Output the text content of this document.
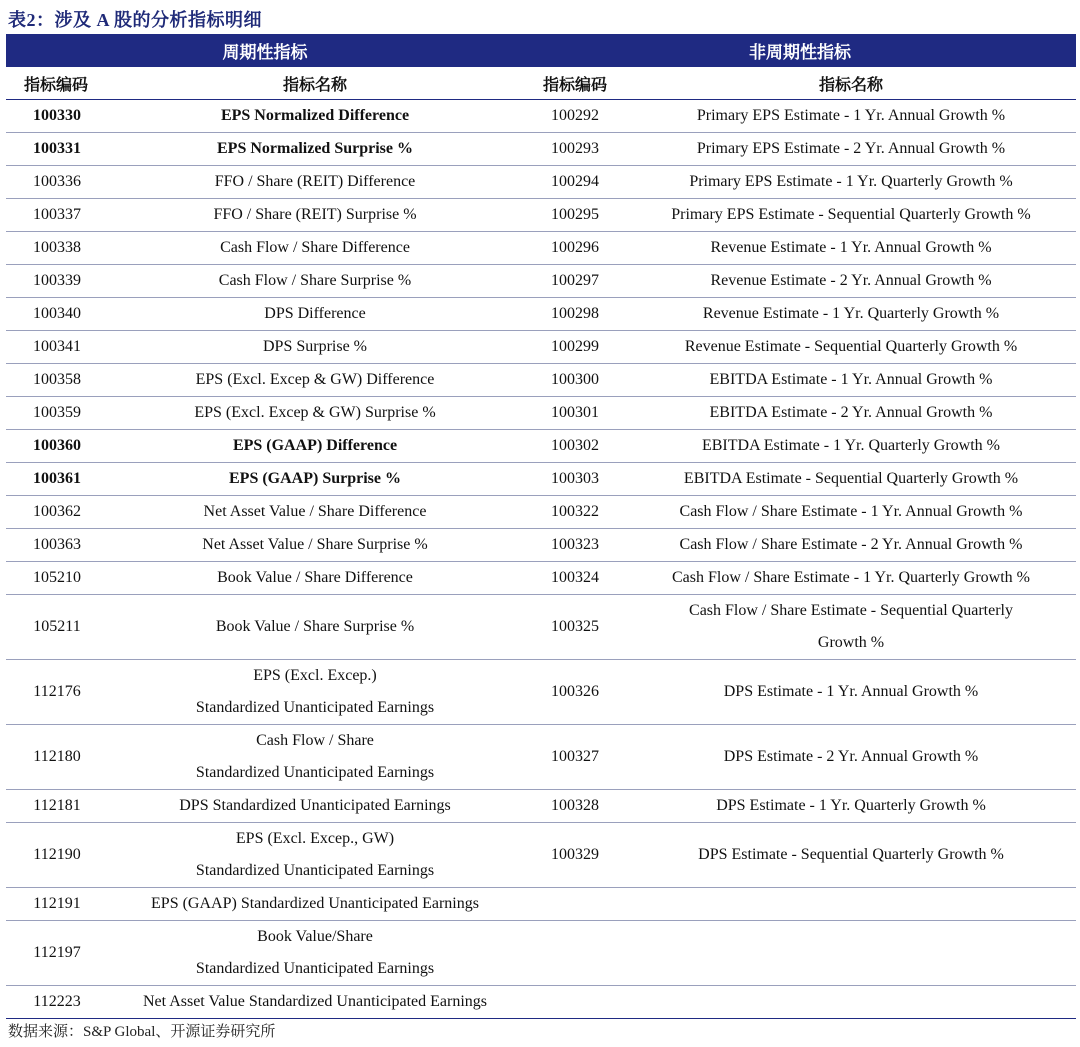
表2：涉及 A 股的分析指标明细
周期性指标		非周期性指标	
指标编码	指标名称	指标编码	指标名称
100330	EPS Normalized Difference	100292	Primary EPS Estimate - 1 Yr. Annual Growth %

100331	EPS Normalized Surprise %	100293	Primary EPS Estimate - 2 Yr. Annual Growth %

100336	FFO / Share (REIT) Difference	100294	Primary EPS Estimate - 1 Yr. Quarterly Growth %

100337	FFO / Share (REIT) Surprise %	100295	Primary EPS Estimate - Sequential Quarterly Growth %

100338	Cash Flow / Share Difference	100296	Revenue Estimate - 1 Yr. Annual Growth %

100339	Cash Flow / Share Surprise %	100297	Revenue Estimate - 2 Yr. Annual Growth %

100340	DPS Difference	100298	Revenue Estimate - 1 Yr. Quarterly Growth %

100341	DPS Surprise %	100299	Revenue Estimate - Sequential Quarterly Growth %

100358	EPS (Excl. Excep & GW) Difference	100300	EBITDA Estimate - 1 Yr. Annual Growth %

100359	EPS (Excl. Excep & GW) Surprise %	100301	EBITDA Estimate - 2 Yr. Annual Growth %

100360	EPS (GAAP) Difference	100302	EBITDA Estimate - 1 Yr. Quarterly Growth %

100361	EPS (GAAP) Surprise %	100303	EBITDA Estimate - Sequential Quarterly Growth %

100362	Net Asset Value / Share Difference	100322	Cash Flow / Share Estimate - 1 Yr. Annual Growth %

100363	Net Asset Value / Share Surprise %	100323	Cash Flow / Share Estimate - 2 Yr. Annual Growth %

105210	Book Value / Share Difference	100324	Cash Flow / Share Estimate - 1 Yr. Quarterly Growth %

105211	Book Value / Share Surprise %	100325	Cash Flow / Share Estimate - Sequential Quarterly
Growth %

112176	EPS (Excl. Excep.)
Standardized Unanticipated Earnings	100326	DPS Estimate - 1 Yr. Annual Growth %

112180	Cash Flow / Share
Standardized Unanticipated Earnings	100327	DPS Estimate - 2 Yr. Annual Growth %

112181	DPS Standardized Unanticipated Earnings	100328	DPS Estimate - 1 Yr. Quarterly Growth %

112190	EPS (Excl. Excep., GW)
Standardized Unanticipated Earnings	100329	DPS Estimate - Sequential Quarterly Growth %

112191	EPS (GAAP) Standardized Unanticipated Earnings		

112197	Book Value/Share
Standardized Unanticipated Earnings		

112223	Net Asset Value Standardized Unanticipated Earnings		

数据来源：S&P Global、开源证券研究所
